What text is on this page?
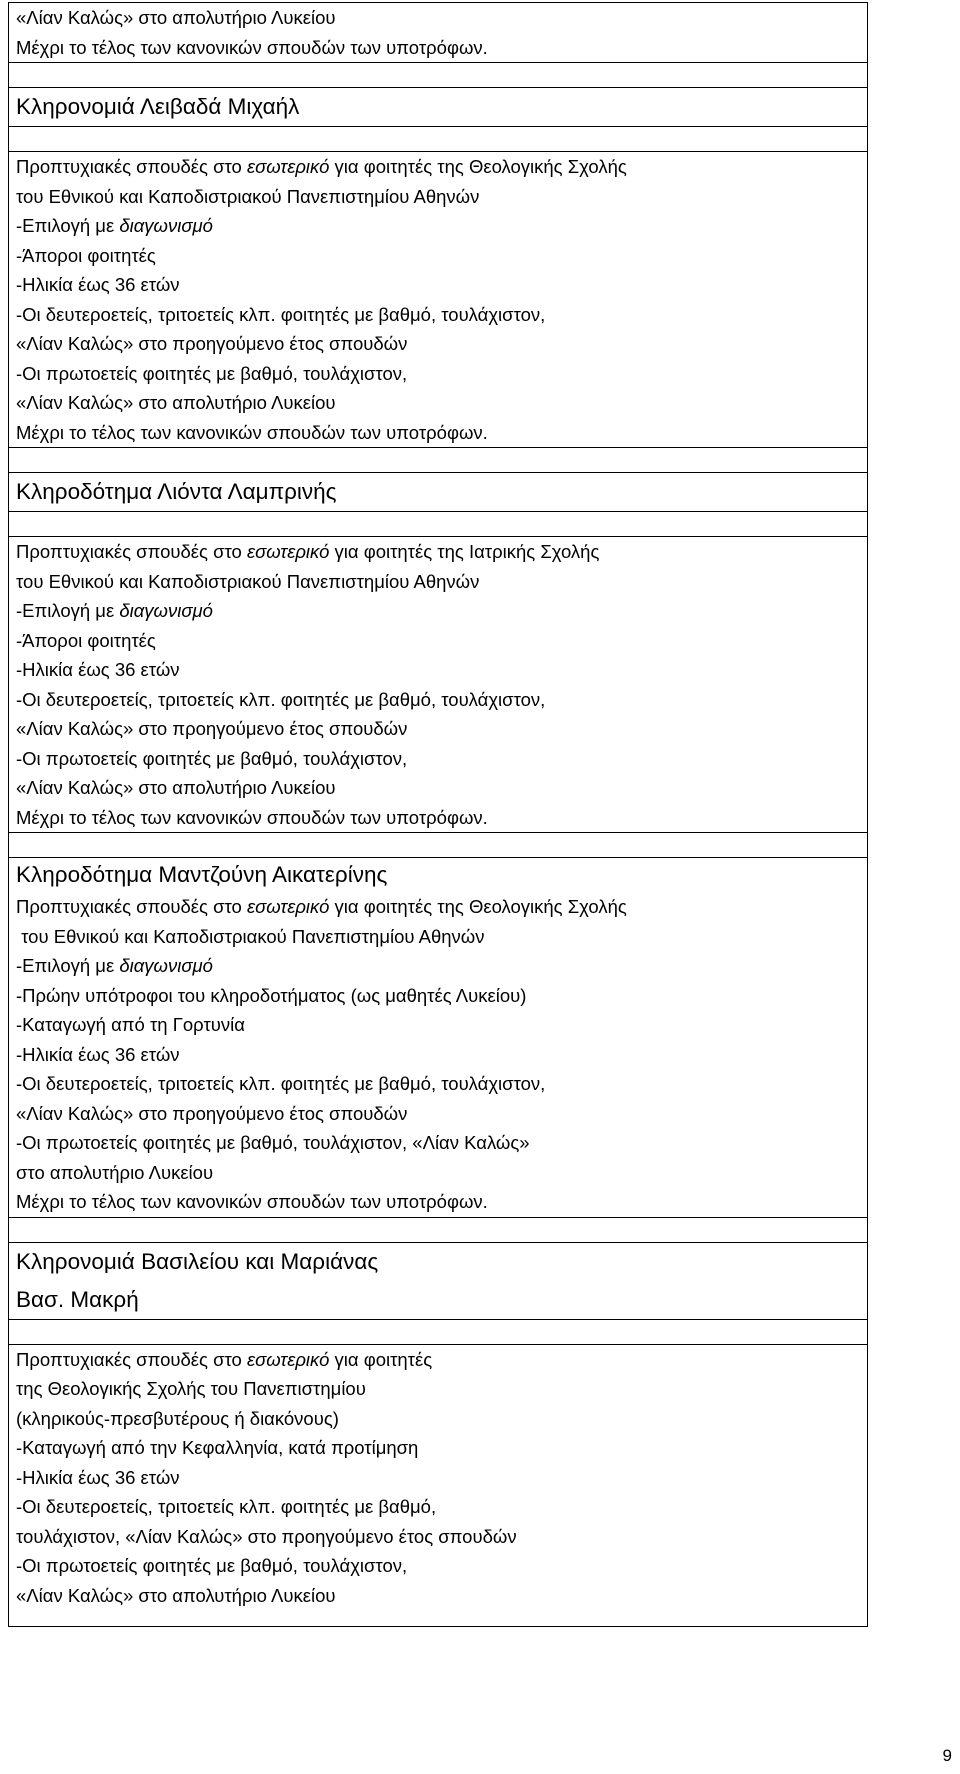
«Λίαν Καλώς» στο απολυτήριο Λυκείου
Μέχρι το τέλος των κανονικών σπουδών των υποτρόφων.

Κληρονομιά Λειβαδά Μιχαήλ

Προπτυχιακές σπουδές στο εσωτερικό για φοιτητές της Θεολογικής Σχολής
του Εθνικού και Καποδιστριακού Πανεπιστημίου Αθηνών
-Επιλογή με διαγωνισμό
-Άποροι φοιτητές
-Ηλικία έως 36 ετών
-Οι δευτεροετείς, τριτοετείς κλπ. φοιτητές με βαθμό, τουλάχιστον,
«Λίαν Καλώς» στο προηγούμενο έτος σπουδών
-Οι πρωτοετείς φοιτητές με βαθμό, τουλάχιστον,
«Λίαν Καλώς» στο απολυτήριο Λυκείου
Μέχρι το τέλος των κανονικών σπουδών των υποτρόφων.

Κληροδότημα Λιόντα Λαμπρινής

Προπτυχιακές σπουδές στο εσωτερικό για φοιτητές της Ιατρικής Σχολής
του Εθνικού και Καποδιστριακού Πανεπιστημίου Αθηνών
-Επιλογή με διαγωνισμό
-Άποροι φοιτητές
-Ηλικία έως 36 ετών
-Οι δευτεροετείς, τριτοετείς κλπ. φοιτητές με βαθμό, τουλάχιστον,
«Λίαν Καλώς» στο προηγούμενο έτος σπουδών
-Οι πρωτοετείς φοιτητές με βαθμό, τουλάχιστον,
«Λίαν Καλώς» στο απολυτήριο Λυκείου
Μέχρι το τέλος των κανονικών σπουδών των υποτρόφων.

Κληροδότημα Μαντζούνη Αικατερίνης
Προπτυχιακές σπουδές στο εσωτερικό για φοιτητές της Θεολογικής Σχολής
του Εθνικού και Καποδιστριακού Πανεπιστημίου Αθηνών
-Επιλογή με διαγωνισμό
-Πρώην υπότροφοι του κληροδοτήματος (ως μαθητές Λυκείου)
-Καταγωγή από τη Γορτυνία
-Ηλικία έως 36 ετών
-Οι δευτεροετείς, τριτοετείς κλπ. φοιτητές με βαθμό, τουλάχιστον,
«Λίαν Καλώς» στο προηγούμενο έτος σπουδών
-Οι πρωτοετείς φοιτητές με βαθμό, τουλάχιστον, «Λίαν Καλώς»
στο απολυτήριο Λυκείου
Μέχρι το τέλος των κανονικών σπουδών των υποτρόφων.

Κληρονομιά Βασιλείου και Μαριάνας
Βασ. Μακρή

Προπτυχιακές σπουδές στο εσωτερικό για φοιτητές
της Θεολογικής Σχολής του Πανεπιστημίου
(κληρικούς-πρεσβυτέρους ή διακόνους)
-Καταγωγή από την Κεφαλληνία, κατά προτίμηση
-Ηλικία έως 36 ετών
-Οι δευτεροετείς, τριτοετείς κλπ. φοιτητές με βαθμό,
τουλάχιστον, «Λίαν Καλώς» στο προηγούμενο έτος σπουδών
-Οι πρωτοετείς φοιτητές με βαθμό, τουλάχιστον,
«Λίαν Καλώς» στο απολυτήριο Λυκείου
9
